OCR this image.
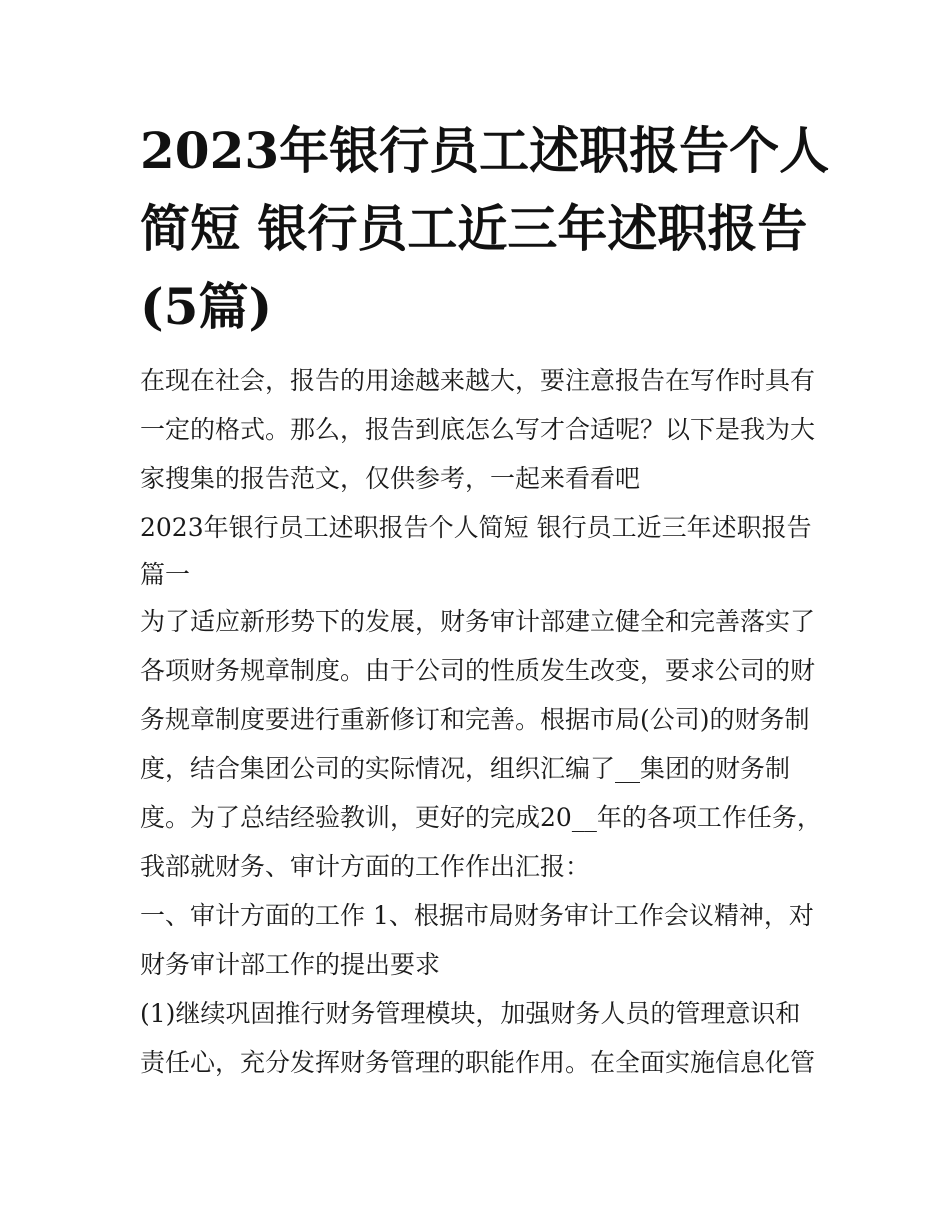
2023年银行员工述职报告个人
简短 银行员工近三年述职报告
(5篇)
在现在社会，报告的用途越来越大，要注意报告在写作时具有
一定的格式。那么，报告到底怎么写才合适呢？以下是我为大
家搜集的报告范文，仅供参考，一起来看看吧
2023年银行员工述职报告个人简短 银行员工近三年述职报告
篇一
为了适应新形势下的发展，财务审计部建立健全和完善落实了
各项财务规章制度。由于公司的性质发生改变，要求公司的财
务规章制度要进行重新修订和完善。根据市局(公司)的财务制
度，结合集团公司的实际情况，组织汇编了__集团的财务制
度。为了总结经验教训，更好的完成20__年的各项工作任务，
我部就财务、审计方面的工作作出汇报：
一、审计方面的工作 1、根据市局财务审计工作会议精神，对
财务审计部工作的提出要求
(1)继续巩固推行财务管理模块，加强财务人员的管理意识和
责任心，充分发挥财务管理的职能作用。在全面实施信息化管
